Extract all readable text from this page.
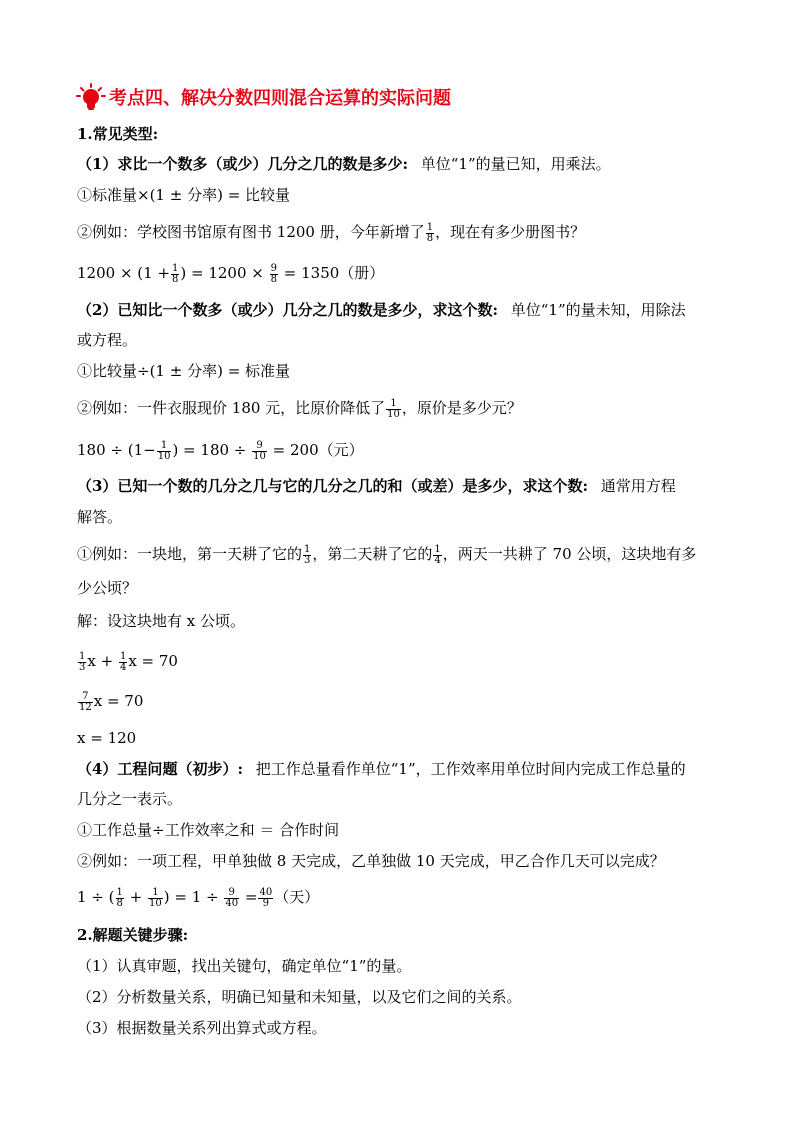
考点四、解决分数四则混合运算的实际问题
1.常见类型:
（1）求比一个数多（或少）几分之几的数是多少: 单位“1”的量已知，用乘法。
①标准量×(1 ± 分率) = 比较量
②例如：学校图书馆原有图书 1200 册，今年新增了 $\frac{1}{8}$ ，现在有多少册图书？
$1200 \times (1 + \frac{1}{8}$ ) = $1200 \times \frac{9}{8} = 1350$（册）
（2）已知比一个数多（或少）几分之几的数是多少，求这个数: 单位“1”的量未知，用除法
或方程。
①比较量÷(1 ± 分率) = 标准量
②例如：一件衣服现价 180 元，比原价降低了 $\frac{1}{10}$ ，原价是多少元？
$180 \div (1- \frac{1}{10}$ ) = $180 \div \frac{9}{10} = 200$（元）
（3）已知一个数的几分之几与它的几分之几的和（或差）是多少，求这个数: 通常用方程
解答。
①例如：一块地，第一天耕了它的 $\frac{1}{3}$ ，第二天耕了它的 $\frac{1}{4}$ ，两天一共耕了 70 公顷，这块地有多
少公顷？
解：设这块地有 x 公顷。
$\frac{1}{3}$ $x + \frac{1}{4}$ x = 70
$\frac{7}{12}$ x = 70
x = 120
（4）工程问题（初步）: 把工作总量看作单位“1”，工作效率用单位时间内完成工作总量的
几分之一表示。
①工作总量÷工作效率之和 ＝ 合作时间
②例如：一项工程，甲单独做 8 天完成，乙单独做 10 天完成，甲乙合作几天可以完成？
1 ÷ ( $\frac{1}{8} + \frac{1}{10}$ ) = $1 \div \frac{9}{40} = \frac{40}{9}$ （天）
2.解题关键步骤:
（1）认真审题，找出关键句，确定单位“1”的量。
（2）分析数量关系，明确已知量和未知量，以及它们之间的关系。
（3）根据数量关系列出算式或方程。
